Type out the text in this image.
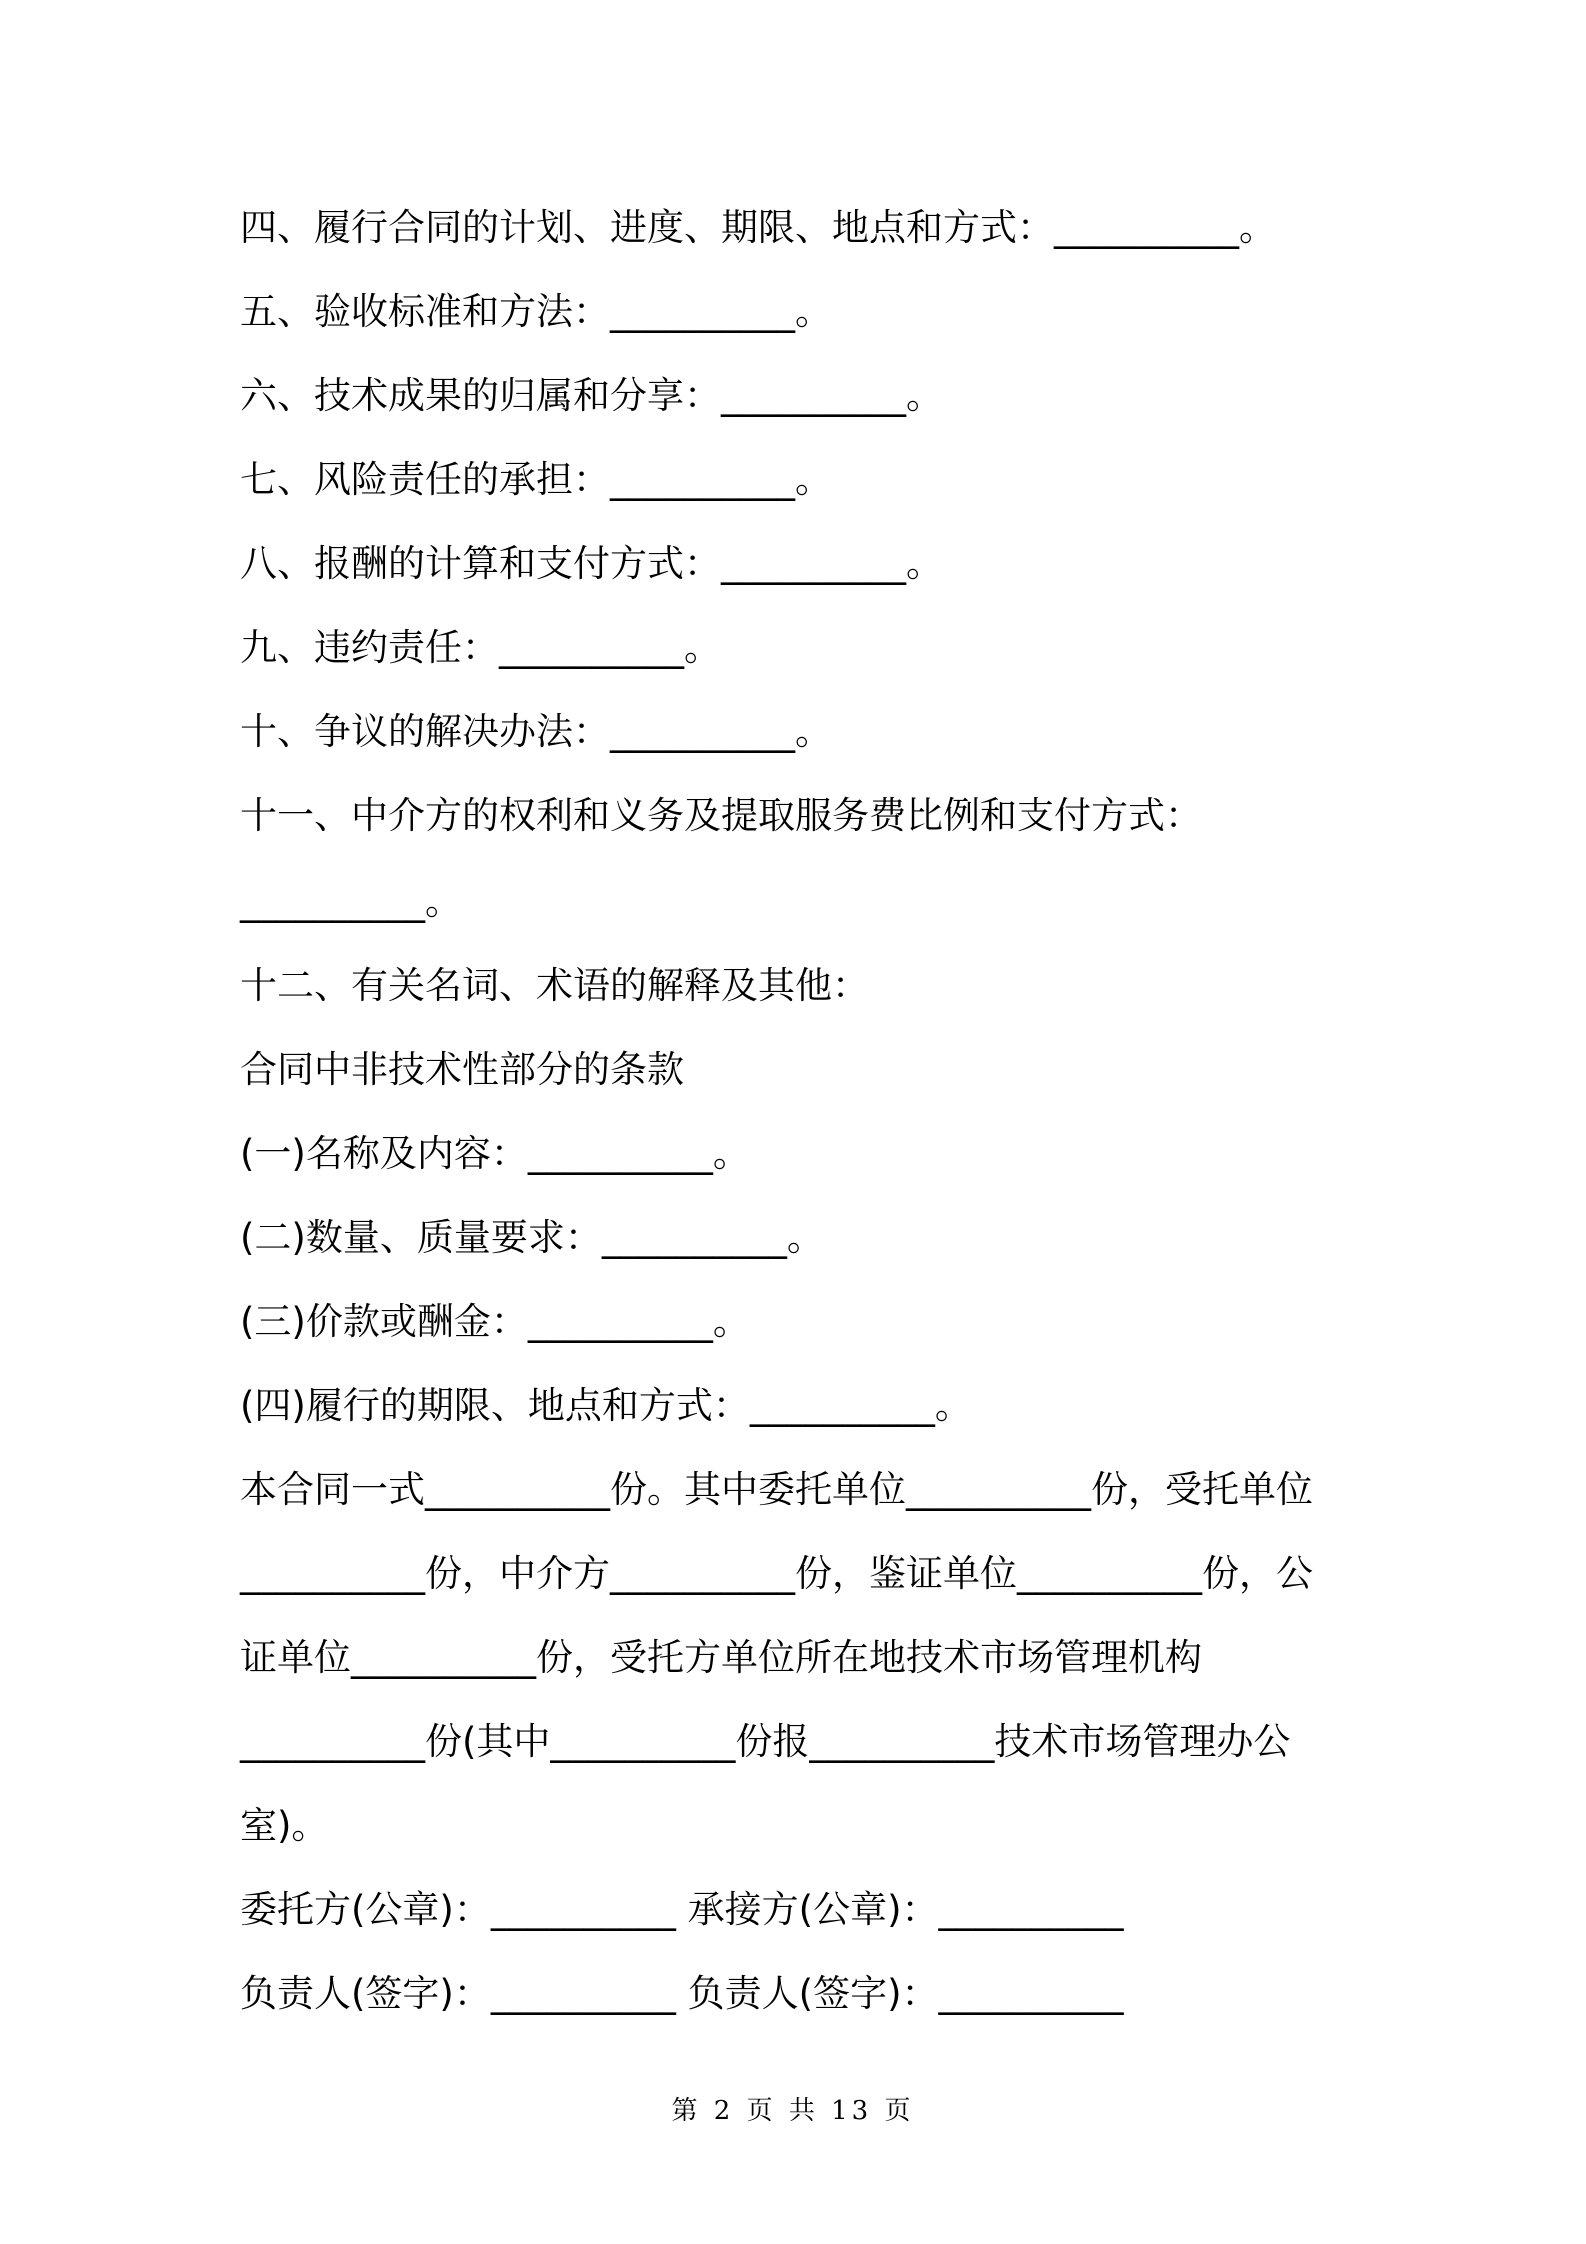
四、履行合同的计划、进度、期限、地点和方式：__________。
五、验收标准和方法：__________。
六、技术成果的归属和分享：__________。
七、风险责任的承担：__________。
八、报酬的计算和支付方式：__________。
九、违约责任：__________。
十、争议的解决办法：__________。
十一、中介方的权利和义务及提取服务费比例和支付方式：
__________。
十二、有关名词、术语的解释及其他：
合同中非技术性部分的条款
(一)名称及内容：__________。
(二)数量、质量要求：__________。
(三)价款或酬金：__________。
(四)履行的期限、地点和方式：__________。
本合同一式__________份。其中委托单位__________份，受托单位
__________份，中介方__________份，鉴证单位__________份，公
证单位__________份，受托方单位所在地技术市场管理机构
__________份(其中__________份报__________技术市场管理办公
室)。
委托方(公章)：__________ 承接方(公章)：__________
负责人(签字)：__________ 负责人(签字)：__________
第 2 页 共 13 页
